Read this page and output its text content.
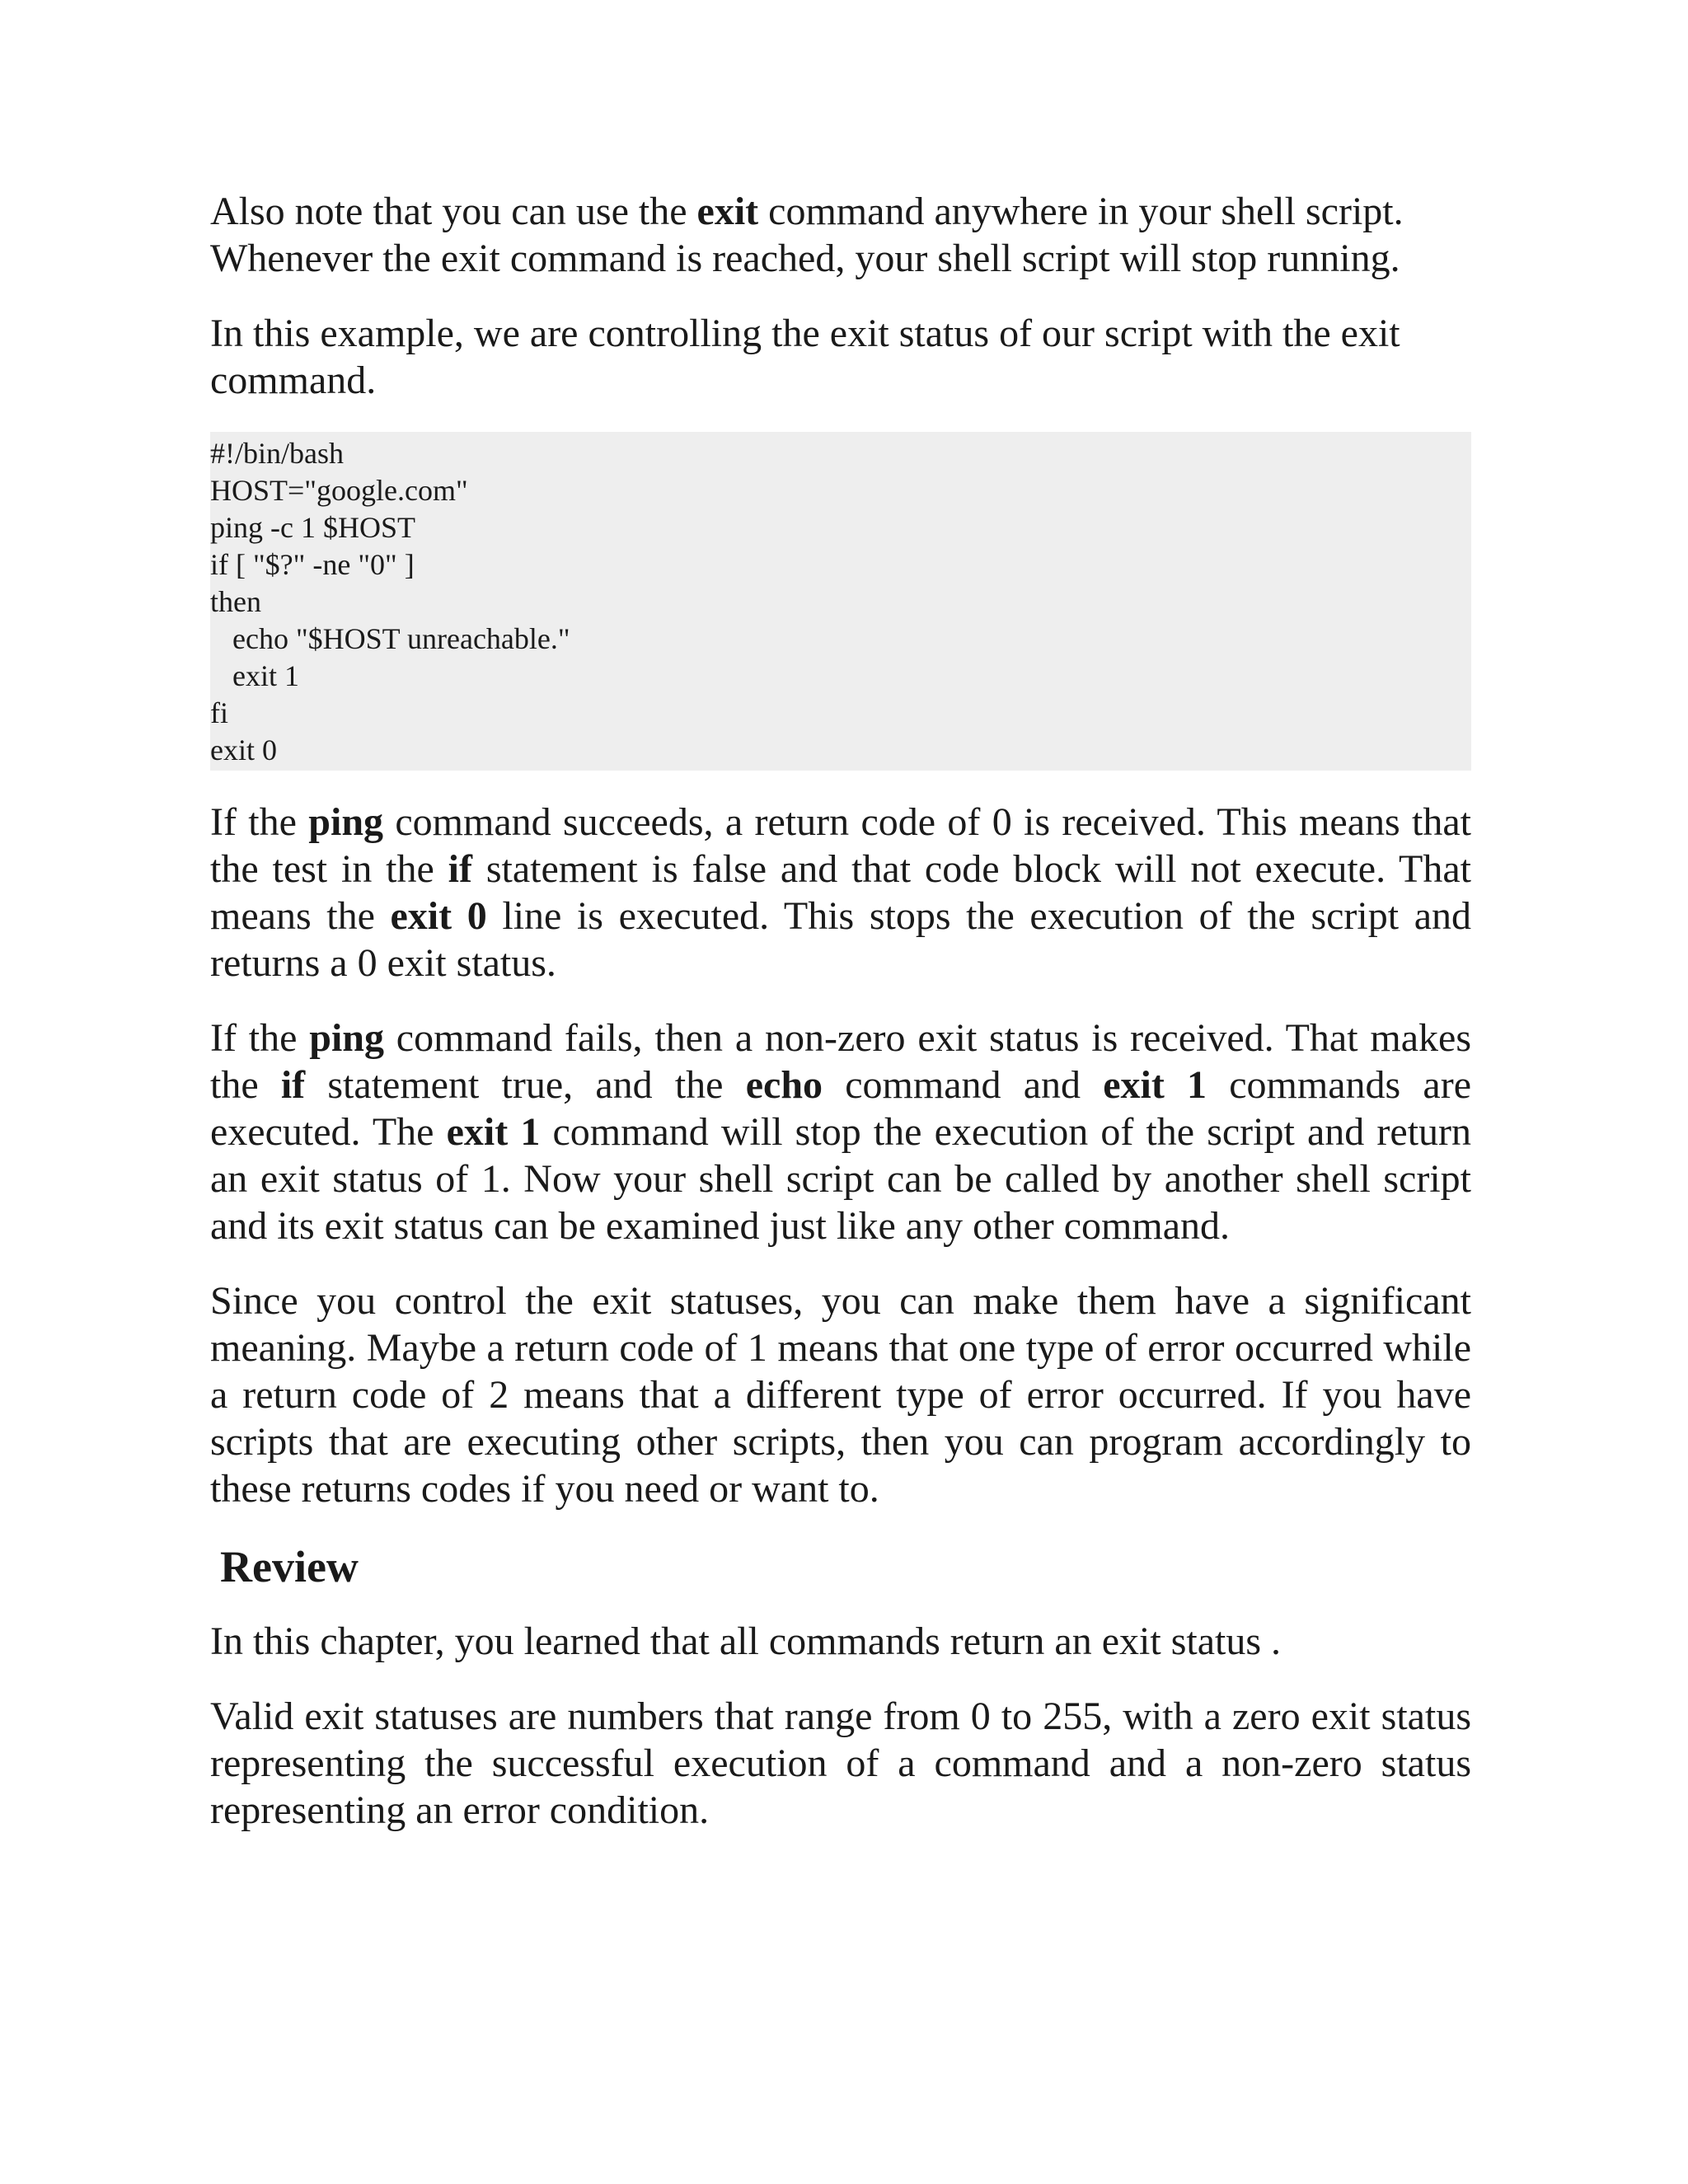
Also note that you can use the exit command anywhere in your shell script.
Whenever the exit command is reached, your shell script will stop running.

In this example, we are controlling the exit status of our script with the exit command.

#!/bin/bash
HOST="google.com"
ping -c 1 $HOST
if [ "$?" -ne "0" ]
then
echo "$HOST unreachable."
exit 1
fi
exit 0

If the ping command succeeds, a return code of 0 is received. This means that the test in the if statement is false and that code block will not execute. That means the exit 0 line is executed. This stops the execution of the script and returns a 0 exit status.

If the ping command fails, then a non-zero exit status is received. That makes the if statement true, and the echo command and exit 1 commands are executed. The exit 1 command will stop the execution of the script and return an exit status of 1. Now your shell script can be called by another shell script and its exit status can be examined just like any other command.

Since you control the exit statuses, you can make them have a significant meaning. Maybe a return code of 1 means that one type of error occurred while a return code of 2 means that a different type of error occurred. If you have scripts that are executing other scripts, then you can program accordingly to these returns codes if you need or want to.

Review

In this chapter, you learned that all commands return an exit status .

Valid exit statuses are numbers that range from 0 to 255, with a zero exit status representing the successful execution of a command and a non-zero status representing an error condition.
